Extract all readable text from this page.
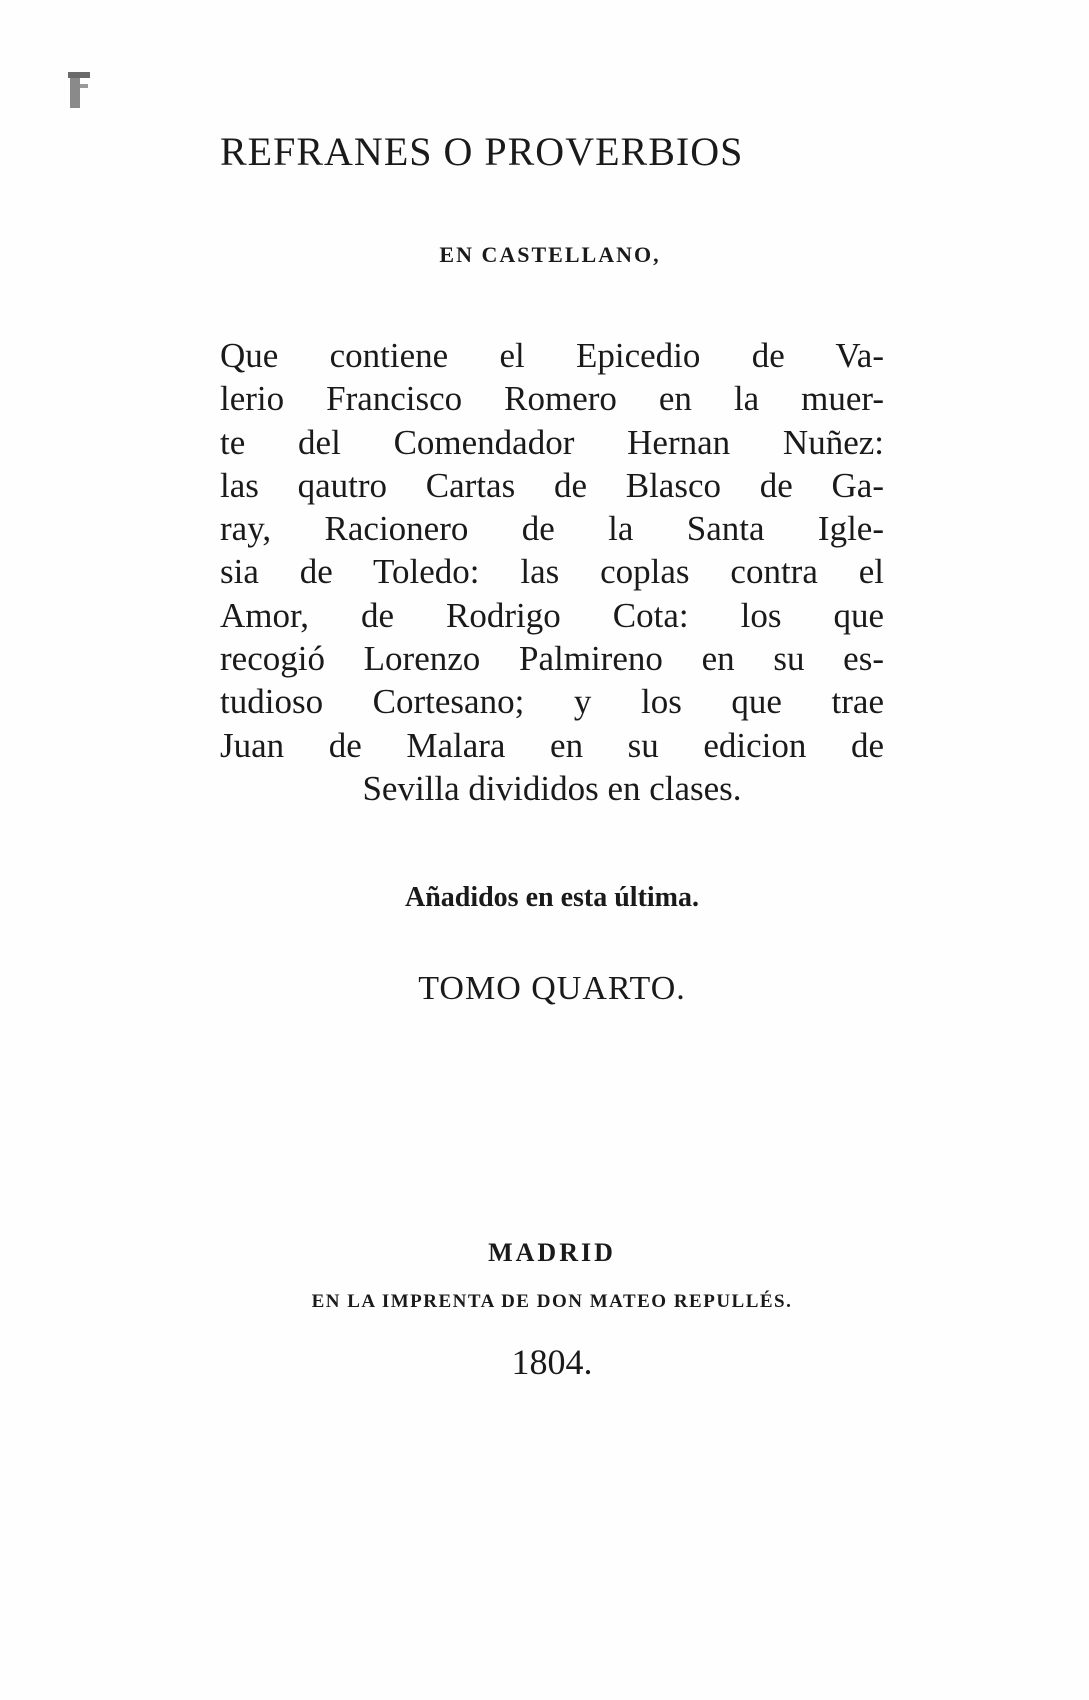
REFRANES O PROVERBIOS
EN CASTELLANO,
Que contiene el Epicedio de Va-
lerio Francisco Romero en la muer-
te del Comendador Hernan Nuñez:
las qautro Cartas de Blasco de Ga-
ray, Racionero de la Santa Igle-
sia de Toledo: las coplas contra el
Amor, de Rodrigo Cota: los que
recogió Lorenzo Palmireno en su es-
tudioso Cortesano; y los que trae
Juan de Malara en su edicion de
Sevilla divididos en clases.
Añadidos en esta última.
TOMO QUARTO.
MADRID
EN LA IMPRENTA DE DON MATEO REPULLÉS.
1804.
